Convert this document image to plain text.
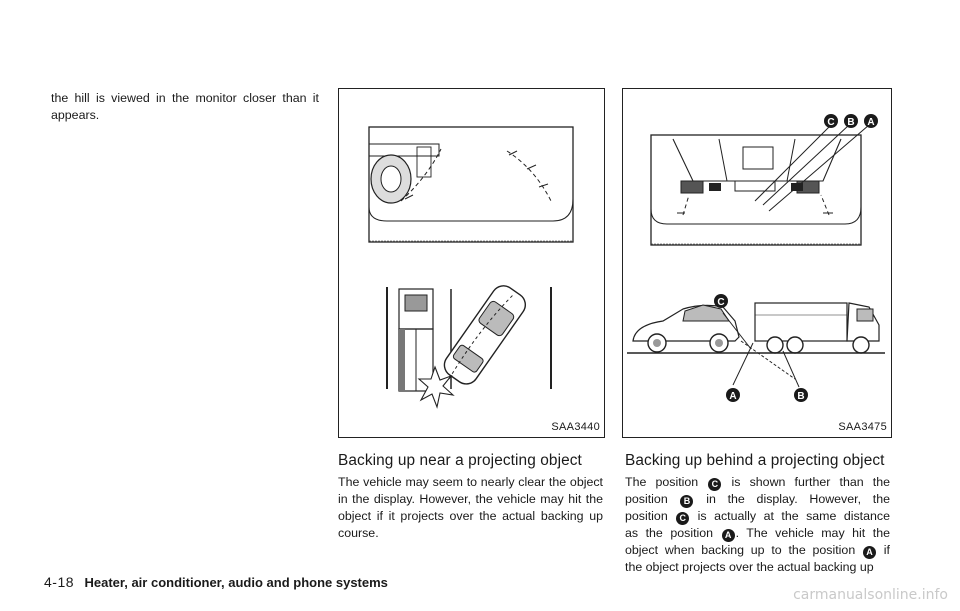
the hill is viewed in the monitor closer than it appears.
SAA3440
C B A
C
A	B
SAA3475
Backing up near a projecting object
The vehicle may seem to nearly clear the object in the display. However, the vehicle may hit the object if it projects over the actual backing up course.
Backing up behind a projecting object
The position C is shown further than the
position B in the display. However, the
position C is actually at the same distance
as the position A . The vehicle may hit the
object when backing up to the position A if
the object projects over the actual backing up
4-18 Heater, air conditioner, audio and phone systems
carmanualsonline.info
